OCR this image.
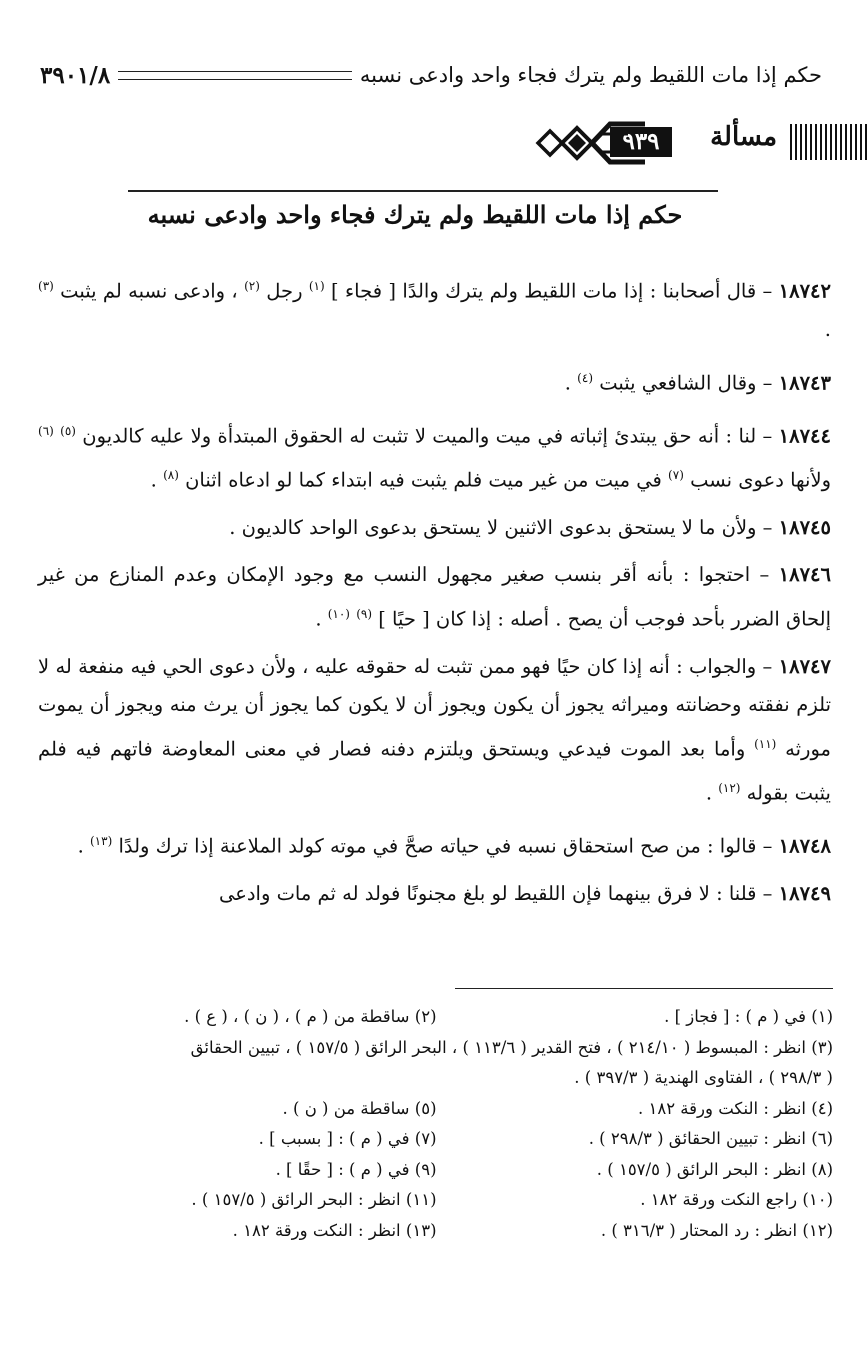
حكم إذا مات اللقيط ولم يترك فجاء واحد وادعى نسبه
٣٩٠١/٨
مسألة
٩٣٩
حكم إذا مات اللقيط ولم يترك فجاء واحد وادعى نسبه
١٨٧٤٢ – قال أصحابنا : إذا مات اللقيط ولم يترك والدًا [ فجاء ] $^{(١)}$ رجل $^{(٢)}$ ، وادعى نسبه لم يثبت $^{(٣)}$ .
١٨٧٤٣ – وقال الشافعي يثبت $^{(٤)}$ .
١٨٧٤٤ – لنا : أنه حق يبتدئ إثباته في ميت والميت لا تثبت له الحقوق المبتدأة ولا عليه كالديون $^{(٥)}$ $^{(٦)}$ ولأنها دعوى نسب $^{(٧)}$ في ميت من غير ميت فلم يثبت فيه ابتداء كما لو ادعاه اثنان $^{(٨)}$ .
١٨٧٤٥ – ولأن ما لا يستحق بدعوى الاثنين لا يستحق بدعوى الواحد كالديون .
١٨٧٤٦ – احتجوا : بأنه أقر بنسب صغير مجهول النسب مع وجود الإمكان وعدم المنازع من غير إلحاق الضرر بأحد فوجب أن يصح . أصله : إذا كان [ حيًا ] $^{(٩)}$ $^{(١٠)}$ .
١٨٧٤٧ – والجواب : أنه إذا كان حيًا فهو ممن تثبت له حقوقه عليه ، ولأن دعوى الحي فيه منفعة له لا تلزم نفقته وحضانته وميراثه يجوز أن يكون ويجوز أن لا يكون كما يجوز أن يرث منه ويجوز أن يموت مورثه $^{(١١)}$ وأما بعد الموت فيدعي ويستحق ويلتزم دفنه فصار في معنى المعاوضة فاتهم فيه فلم يثبت بقوله $^{(١٢)}$ .
١٨٧٤٨ – قالوا : من صح استحقاق نسبه في حياته صحَّ في موته كولد الملاعنة إذا ترك ولدًا $^{(١٣)}$ .
١٨٧٤٩ – قلنا : لا فرق بينهما فإن اللقيط لو بلغ مجنونًا فولد له ثم مات وادعى
(١) في ( م ) : [ فجاز ] .
(٢) ساقطة من ( م ) ، ( ن ) ، ( ع ) .
(٣) انظر : المبسوط ( ٢١٤/١٠ ) ، فتح القدير ( ١١٣/٦ ) ، البحر الرائق ( ١٥٧/٥ ) ، تبيين الحقائق
( ٢٩٨/٣ ) ، الفتاوى الهندية ( ٣٩٧/٣ ) .
(٤) انظر : النكت ورقة ١٨٢ .
(٥) ساقطة من ( ن ) .
(٦) انظر : تبيين الحقائق ( ٢٩٨/٣ ) .
(٧) في ( م ) : [ بسبب ] .
(٨) انظر : البحر الرائق ( ١٥٧/٥ ) .
(٩) في ( م ) : [ حقًا ] .
(١٠) راجع النكت ورقة ١٨٢ .
(١١) انظر : البحر الرائق ( ١٥٧/٥ ) .
(١٢) انظر : رد المحتار ( ٣١٦/٣ ) .
(١٣) انظر : النكت ورقة ١٨٢ .
